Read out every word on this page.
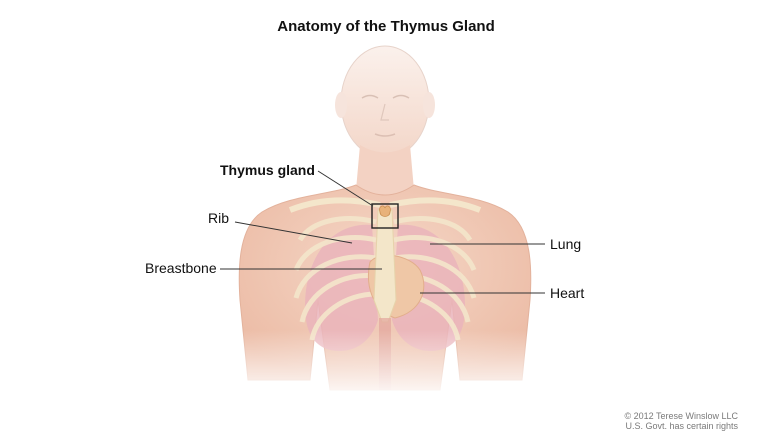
Anatomy of the Thymus Gland
Thymus gland
Rib
Breastbone
Lung
Heart
© 2012 Terese Winslow LLC
U.S. Govt. has certain rights
